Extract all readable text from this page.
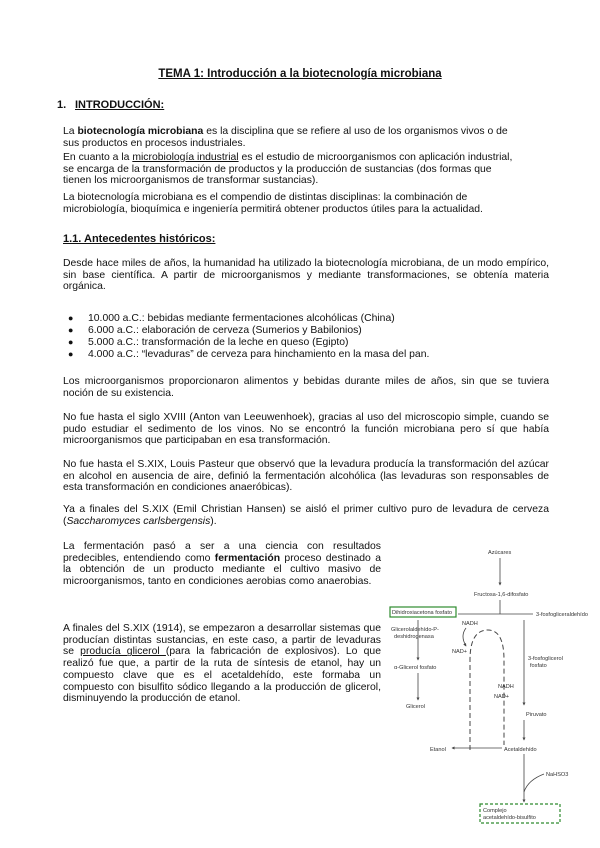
TEMA 1: Introducción a la biotecnología microbiana
1. INTRODUCCIÓN:
La biotecnología microbiana es la disciplina que se refiere al uso de los organismos vivos o de
sus productos en procesos industriales.
En cuanto a la microbiología industrial es el estudio de microorganismos con aplicación industrial,
se encarga de la transformación de productos y la producción de sustancias (dos formas que
tienen los microorganismos de transformar sustancias).
La biotecnología microbiana es el compendio de distintas disciplinas: la combinación de
microbiología, bioquímica e ingeniería permitirá obtener productos útiles para la actualidad.
1.1. Antecedentes históricos:

Desde hace miles de años, la humanidad ha utilizado la biotecnología microbiana, de un modo empírico, sin base científica. A partir de microorganismos y mediante transformaciones, se obtenía materia orgánica.

● 10.000 a.C.: bebidas mediante fermentaciones alcohólicas (China)
● 6.000 a.C.: elaboración de cerveza (Sumerios y Babilonios)
● 5.000 a.C.: transformación de la leche en queso (Egipto)
● 4.000 a.C.: “levaduras” de cerveza para hinchamiento en la masa del pan.

Los microorganismos proporcionaron alimentos y bebidas durante miles de años, sin que se tuviera noción de su existencia.

No fue hasta el siglo XVIII (Anton van Leeuwenhoek), gracias al uso del microscopio simple, cuando se pudo estudiar el sedimento de los vinos. No se encontró la función microbiana pero sí que había microorganismos que participaban en esa transformación.

No fue hasta el S.XIX, Louis Pasteur que observó que la levadura producía la transformación del azúcar en alcohol en ausencia de aire, definió la fermentación alcohólica (las levaduras son responsables de esta transformación en condiciones anaeróbicas).

Ya a finales del S.XIX (Emil Christian Hansen) se aisló el primer cultivo puro de levadura de cerveza (Saccharomyces carlsbergensis).

La fermentación pasó a ser a una ciencia con resultados predecibles, entendiendo como fermentación proceso destinado a la obtención de un producto mediante el cultivo masivo de microorganismos, tanto en condiciones aerobias como anaerobias.

A finales del S.XIX (1914), se empezaron a desarrollar sistemas que producían distintas sustancias, en este caso, a partir de levaduras se producía glicerol (para la fabricación de explosivos). Lo que realizó fue que, a partir de la ruta de síntesis de etanol, hay un compuesto clave que es el acetaldehído, este formaba un compuesto con bisulfito sódico llegando a la producción de glicerol, disminuyendo la producción de etanol.

Azúcares
Fructosa-1,6-difosfato
Dihidroxiacetona fosfato	3-fosfogliceraldehído
Glicerolaldehído-P-
deshidrogenasa
NADH
NAD+
α-Glicerol fosfato
Glicerol
3-fosfoglicerol
fosfato
Piruvato
Acetaldehído
NADH
NAD+
Etanol
NaHSO3
Complejo
acetaldehído-bisulfito
